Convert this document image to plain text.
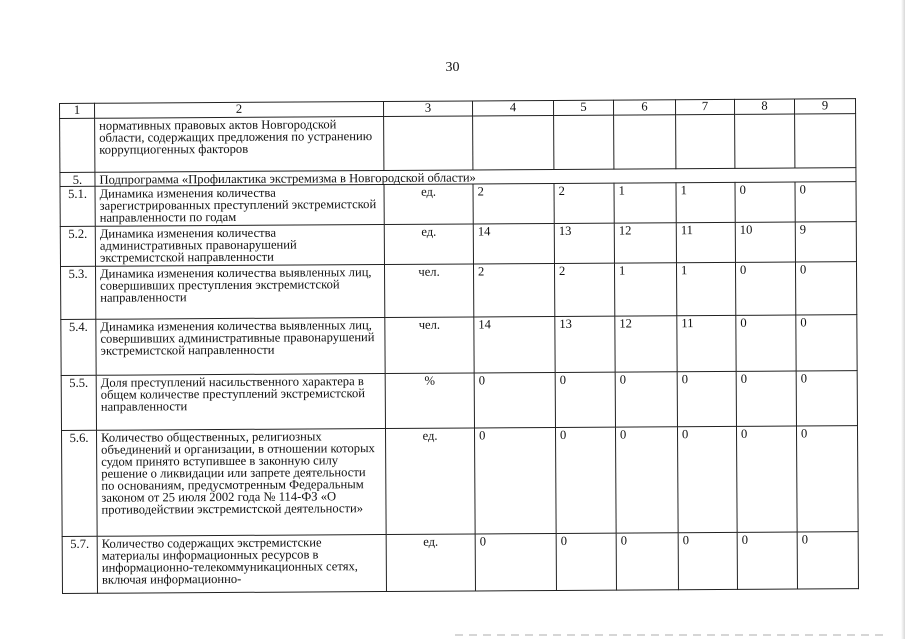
30
1	2	3	4	5	6	7	8	9
	нормативных правовых актов Новгородской области, содержащих предложения по устранению коррупциогенных факторов							
5.	Подпрограмма «Профилактика экстремизма в Новгородской области»							
5.1.	Динамика изменения количества зарегистрированных преступлений экстремистской направленности по годам	ед.	2	2	1	1	0	0
5.2.	Динамика изменения количества административных правонарушений экстремистской направленности	ед.	14	13	12	11	10	9
5.3.	Динамика изменения количества выявленных лиц, совершивших преступления экстремистской направленности	чел.	2	2	1	1	0	0
5.4.	Динамика изменения количества выявленных лиц, совершивших административные правонарушений экстремистской направленности	чел.	14	13	12	11	0	0
5.5.	Доля преступлений насильственного характера в общем количестве преступлений экстремистской направленности	%	0	0	0	0	0	0
5.6.	Количество общественных, религиозных объединений и организации, в отношении которых судом принято вступившее в законную силу решение о ликвидации или запрете деятельности по основаниям, предусмотренным Федеральным законом от 25 июля 2002 года № 114-ФЗ «О противодействии экстремистской деятельности»	ед.	0	0	0	0	0	0
5.7.	Количество содержащих экстремистские материалы информационных ресурсов в информационно-телекоммуникационных сетях, включая информационно-	ед.	0	0	0	0	0	0
